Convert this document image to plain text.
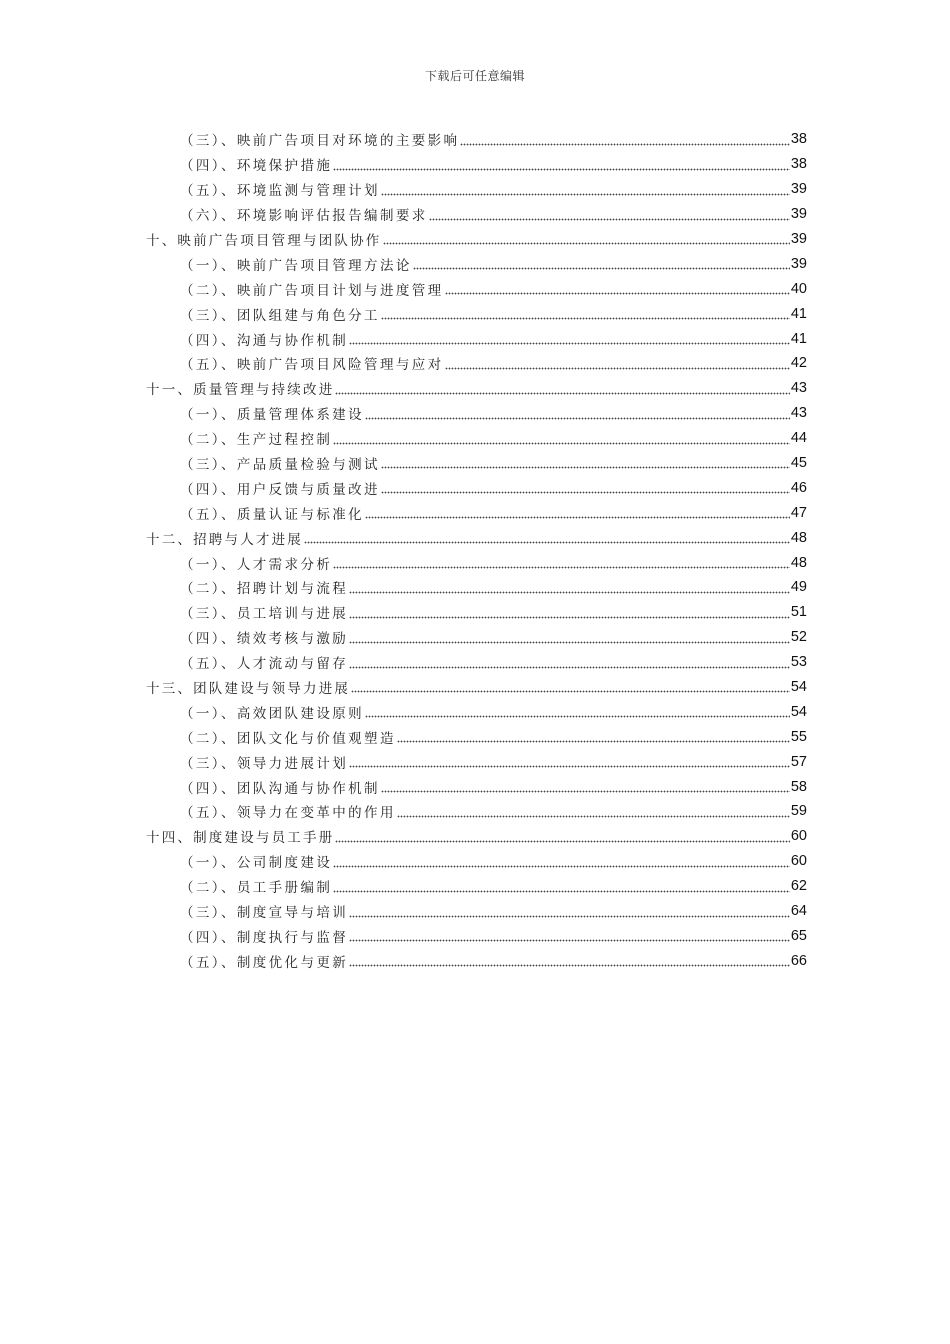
下载后可任意编辑
（三）、映前广告项目对环境的主要影响	38
（四）、环境保护措施	38
（五）、环境监测与管理计划	39
（六）、环境影响评估报告编制要求	39
十、映前广告项目管理与团队协作	39
（一）、映前广告项目管理方法论	39
（二）、映前广告项目计划与进度管理	40
（三）、团队组建与角色分工	41
（四）、沟通与协作机制	41
（五）、映前广告项目风险管理与应对	42
十一、质量管理与持续改进	43
（一）、质量管理体系建设	43
（二）、生产过程控制	44
（三）、产品质量检验与测试	45
（四）、用户反馈与质量改进	46
（五）、质量认证与标准化	47
十二、招聘与人才进展	48
（一）、人才需求分析	48
（二）、招聘计划与流程	49
（三）、员工培训与进展	51
（四）、绩效考核与激励	52
（五）、人才流动与留存	53
十三、团队建设与领导力进展	54
（一）、高效团队建设原则	54
（二）、团队文化与价值观塑造	55
（三）、领导力进展计划	57
（四）、团队沟通与协作机制	58
（五）、领导力在变革中的作用	59
十四、制度建设与员工手册	60
（一）、公司制度建设	60
（二）、员工手册编制	62
（三）、制度宣导与培训	64
（四）、制度执行与监督	65
（五）、制度优化与更新	66
